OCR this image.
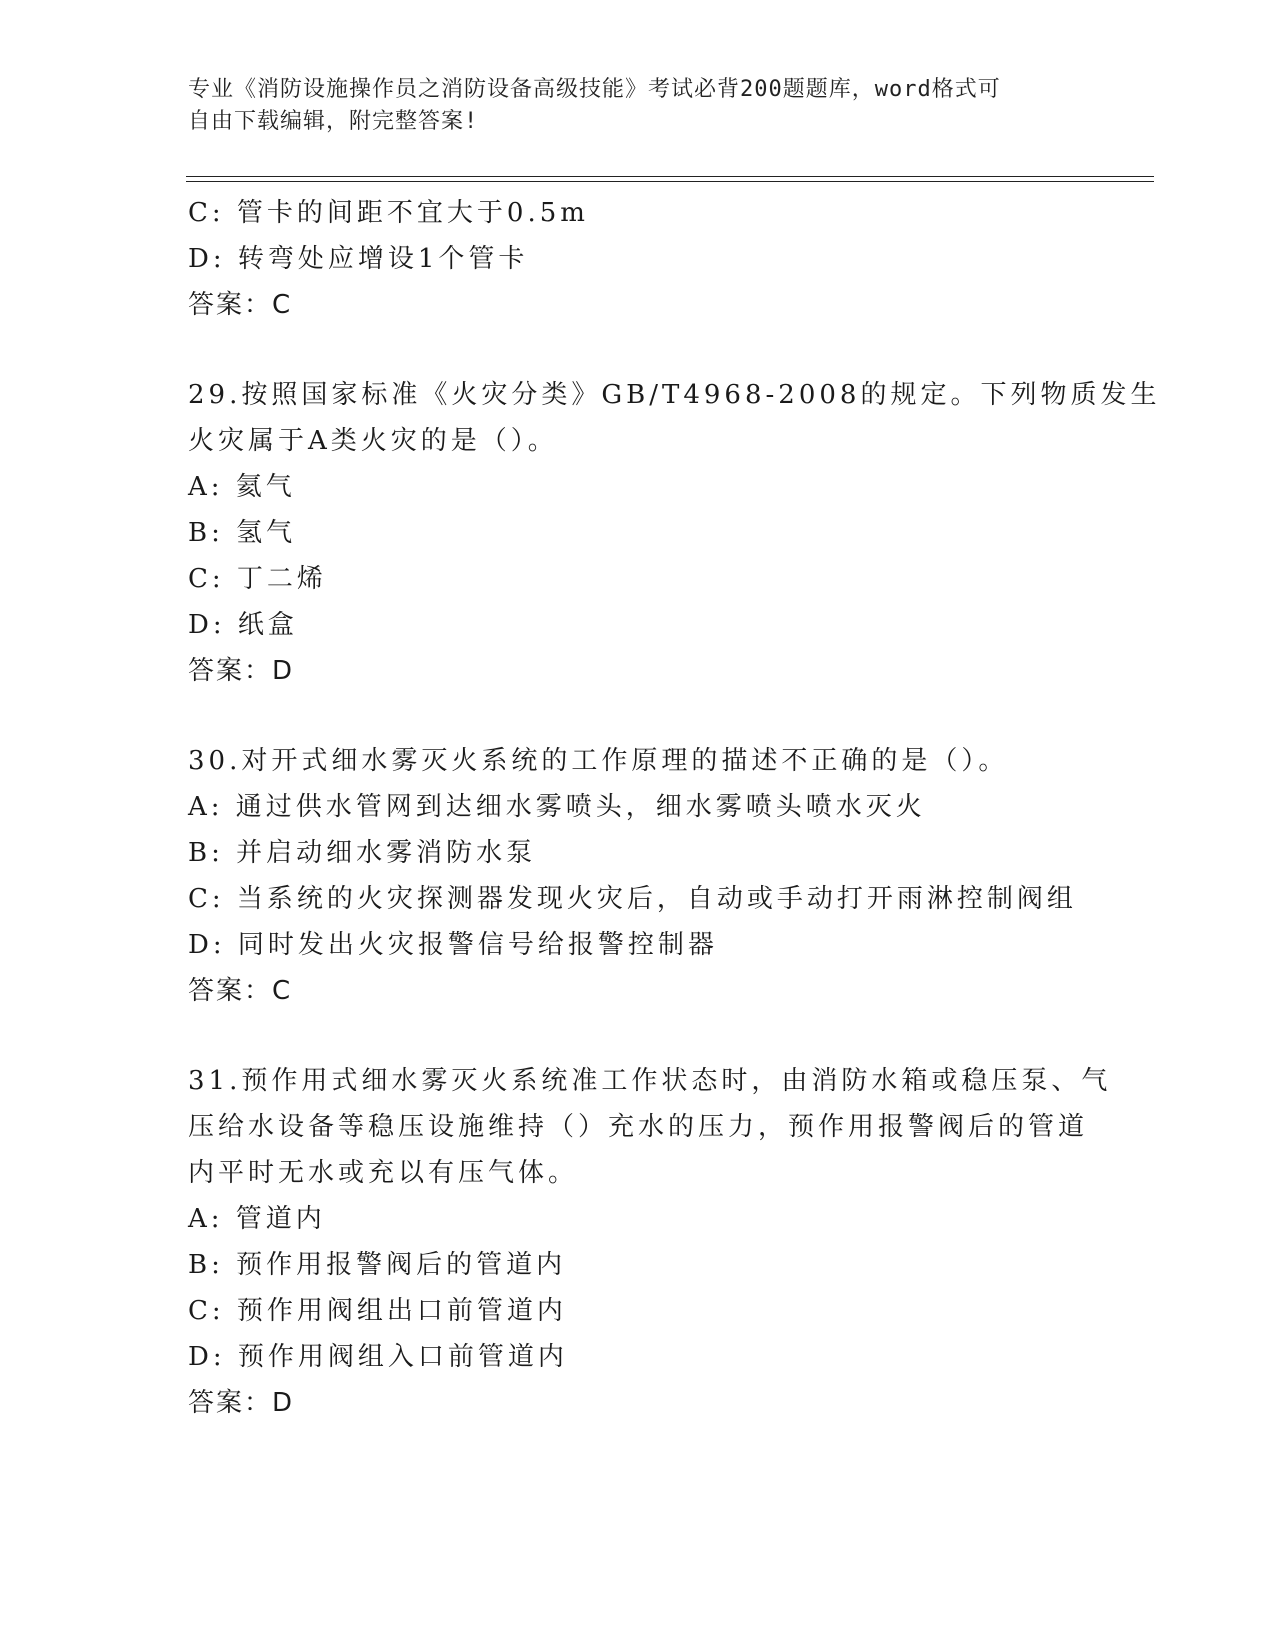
专业《消防设施操作员之消防设备高级技能》考试必背200题题库，word格式可
自由下载编辑，附完整答案!
C: 管卡的间距不宜大于0.5m
D: 转弯处应增设1个管卡
答案：C
29.按照国家标准《火灾分类》GB/T4968-2008的规定。下列物质发生
火灾属于A类火灾的是（）。
A: 氦气
B: 氢气
C: 丁二烯
D: 纸盒
答案：D
30.对开式细水雾灭火系统的工作原理的描述不正确的是（）。
A: 通过供水管网到达细水雾喷头，细水雾喷头喷水灭火
B: 并启动细水雾消防水泵
C: 当系统的火灾探测器发现火灾后，自动或手动打开雨淋控制阀组
D: 同时发出火灾报警信号给报警控制器
答案：C
31.预作用式细水雾灭火系统准工作状态时，由消防水箱或稳压泵、气
压给水设备等稳压设施维持（）充水的压力，预作用报警阀后的管道
内平时无水或充以有压气体。
A: 管道内
B: 预作用报警阀后的管道内
C: 预作用阀组出口前管道内
D: 预作用阀组入口前管道内
答案：D
